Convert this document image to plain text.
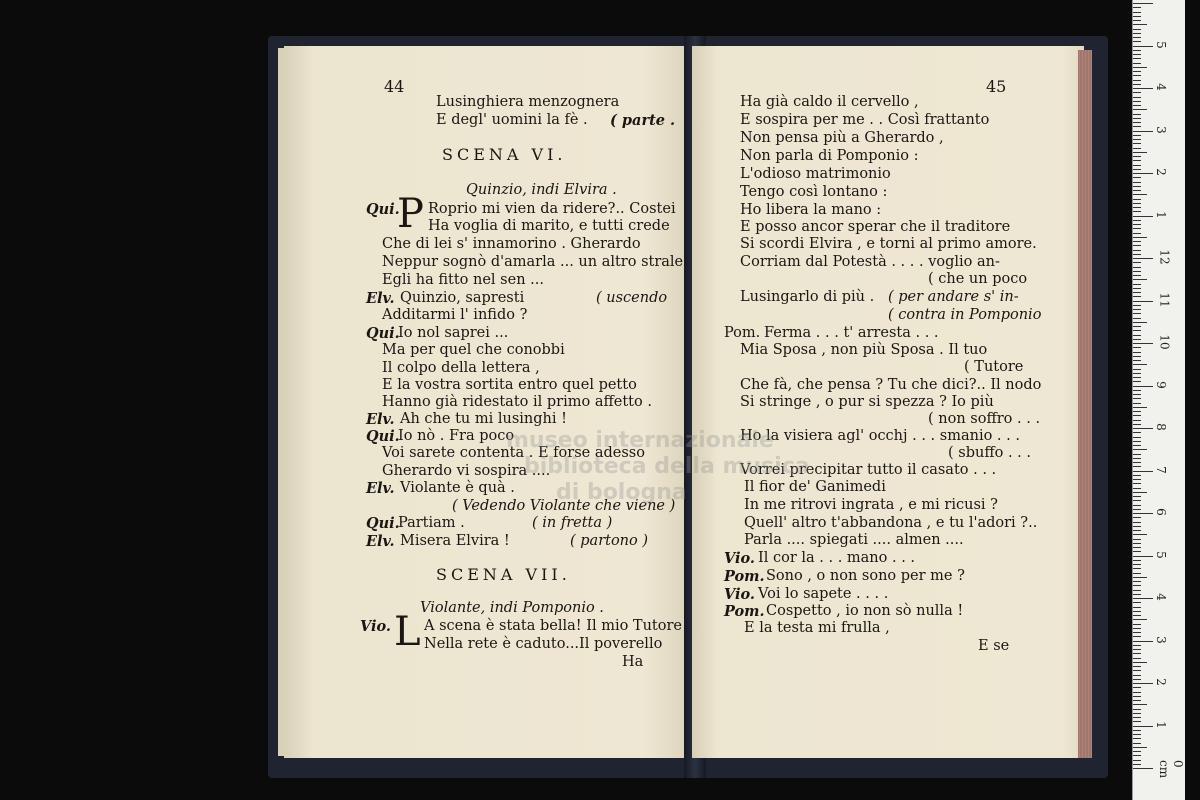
44
Lusinghiera menzognera
E degl' uomini la fè . ( parte .
SCENA VI.
Quinzio, indi Elvira .
Qui.
P Roprio mi vien da ridere?.. Costei
Ha voglia di marito, e tutti crede
Che di lei s' innamorino . Gherardo
Neppur sognò d'amarla ... un altro strale
Egli ha fitto nel sen ...
Elv. Quinzio, sapresti	( uscendo
Additarmi l' infido ?
Qui.
Io nol saprei ...
Ma per quel che conobbi
Il colpo della lettera ,
E la vostra sortita entro quel petto
Hanno già ridestato il primo affetto .
Elv. Ah che tu mi lusinghi !
Qui.
Io nò . Fra poco
Voi sarete contenta . E forse adesso
Gherardo vi sospira ....
Elv. Violante è quà .
( Vedendo Violante che viene )
Qui.
Partiam .	( in fretta )
Elv. Misera Elvira !	( partono )
SCENA VII.
Violante, indi Pomponio .
Vio. L A scena è stata bella! Il mio Tutore
Nella rete è caduto...Il poverello
Ha
45
Ha già caldo il cervello ,
E sospira per me . . Così frattanto
Non pensa più a Gherardo ,
Non parla di Pomponio :
L'odioso matrimonio
Tengo così lontano :
Ho libera la mano :
E posso ancor sperar che il traditore
Si scordi Elvira , e torni al primo amore.
Corriam dal Potestà . . . . voglio an-
( che un poco
Lusingarlo di più . ( per andare s' in-
( contra in Pomponio
Pom. Ferma . . . t' arresta . . .
Mia Sposa , non più Sposa . Il tuo
( Tutore
Che fà, che pensa ? Tu che dici?.. Il nodo
Si stringe , o pur si spezza ? Io più
( non soffro . . .
Ho la visiera agl' occhj . . . smanio . . .
( sbuffo . . .
Vorrei precipitar tutto il casato . . .
Il fior de' Ganimedi
In me ritrovi ingrata , e mi ricusi ?
Quell' altro t'abbandona , e tu l'adori ?..
Parla .... spiegati .... almen ....
Vio. Il cor la . . . mano . . .
Pom. Sono , o non sono per me ?
Vio. Voi lo sapete . . . .
Pom. Cospetto , io non sò nulla !
E la testa mi frulla ,
E se
museo internazionale
biblioteca della musica
di bologna
0 cm
1
2
3
4
5
6
7
8
9
10
11
12
1
2
3
4
5
